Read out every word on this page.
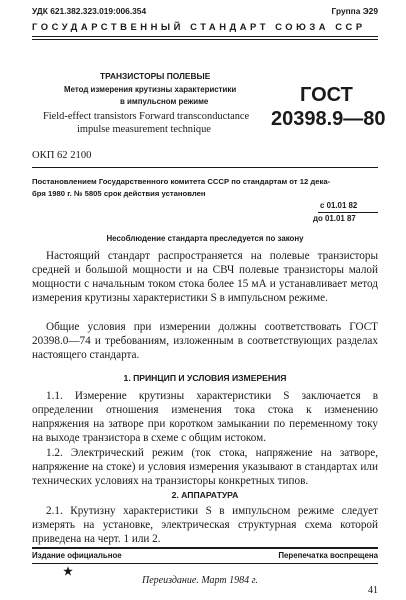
УДК 621.382.323.019:006.354	Группа Э29
ГОСУДАРСТВЕННЫЙ СТАНДАРТ СОЮЗА ССР
ТРАНЗИСТОРЫ ПОЛЕВЫЕ
Метод измерения крутизны характеристики
в импульсном режиме
Field-effect transistors Forward transconductance
impulse measurement technique
ГОСТ
20398.9—80
ОКП 62 2100
Постановлением Государственного комитета СССР по стандартам от 12 дека-
бря 1980 г. № 5805 срок действия установлен
с 01.01 82
до 01.01 87
Несоблюдение стандарта преследуется по закону

Настоящий стандарт распространяется на полевые транзисторы средней и большой мощности и на СВЧ полевые транзисторы малой мощности с начальным током стока более 15 мА и устанавливает метод измерения крутизны характеристики S в импульсном режиме.

Общие условия при измерении должны соответствовать ГОСТ 20398.0—74 и требованиям, изложенным в соответствующих разделах настоящего стандарта.

1. ПРИНЦИП И УСЛОВИЯ ИЗМЕРЕНИЯ

1.1. Измерение крутизны характеристики S заключается в определении отношения изменения тока стока к изменению напряжения на затворе при коротком замыкании по переменному току на выходе транзистора в схеме с общим истоком.

1.2. Электрический режим (ток стока, напряжение на затворе, напряжение на стоке) и условия измерения указывают в стандартах или технических условиях на транзисторы конкретных типов.

2. АППАРАТУРА

2.1. Крутизну характеристики S в импульсном режиме следует измерять на установке, электрическая структурная схема которой приведена на черт. 1 или 2.

Издание официальное	Перепечатка воспрещена
Переиздание. Март 1984 г.
41
